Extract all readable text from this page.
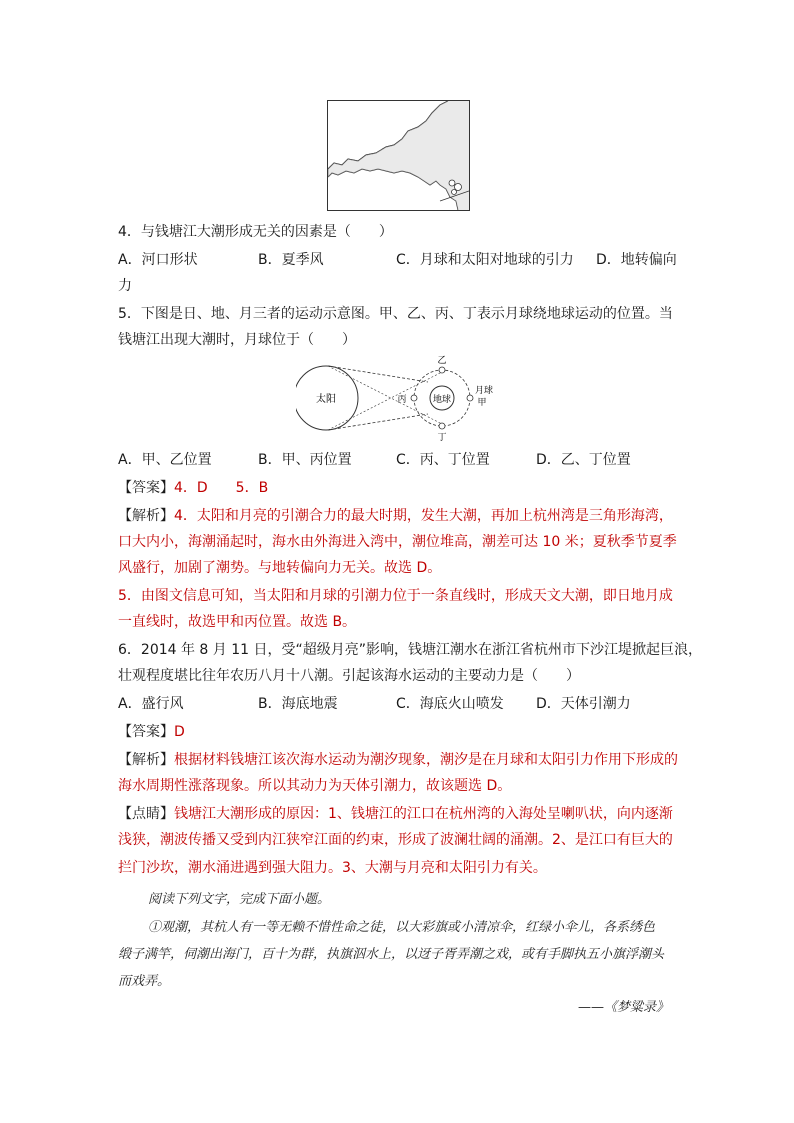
4．与钱塘江大潮形成无关的因素是（　　）
A．河口形状	B．夏季风	C．月球和太阳对地球的引力 D．地转偏向
力
5．下图是日、地、月三者的运动示意图。甲、乙、丙、丁表示月球绕地球运动的位置。当
钱塘江出现大潮时，月球位于（　　）
太阳	地球
月球
甲
乙
丙
丁
A．甲、乙位置	B．甲、丙位置	C．丙、丁位置	D．乙、丁位置
【答案】4．D　　5．B
【解析】4．太阳和月亮的引潮合力的最大时期，发生大潮，再加上杭州湾是三角形海湾，
口大内小，海潮涌起时，海水由外海进入湾中，潮位堆高，潮差可达 10 米；夏秋季节夏季
风盛行，加剧了潮势。与地转偏向力无关。故选 D。
5．由图文信息可知，当太阳和月球的引潮力位于一条直线时，形成天文大潮，即日地月成
一直线时，故选甲和丙位置。故选 B。
6．2014 年 8 月 11 日，受“超级月亮”影响，钱塘江潮水在浙江省杭州市下沙江堤掀起巨浪，
壮观程度堪比往年农历八月十八潮。引起该海水运动的主要动力是（　　）
A．盛行风	B．海底地震	C．海底火山喷发 D．天体引潮力
【答案】D
【解析】根据材料钱塘江该次海水运动为潮汐现象，潮汐是在月球和太阳引力作用下形成的
海水周期性涨落现象。所以其动力为天体引潮力，故该题选 D。
【点睛】钱塘江大潮形成的原因：1、钱塘江的江口在杭州湾的入海处呈喇叭状，向内逐渐
浅狭，潮波传播又受到内江狭窄江面的约束，形成了波澜壮阔的涌潮。2、是江口有巨大的
拦门沙坎，潮水涌进遇到强大阻力。3、大潮与月亮和太阳引力有关。
阅读下列文字，完成下面小题。
①观潮，其杭人有一等无赖不惜性命之徒，以大彩旗或小清凉伞，红绿小伞儿，各系绣色
缎子满竿，伺潮出海门，百十为群，执旗泅水上，以迓子胥弄潮之戏，或有手脚执五小旗浮潮头
而戏弄。
——《梦粱录》
